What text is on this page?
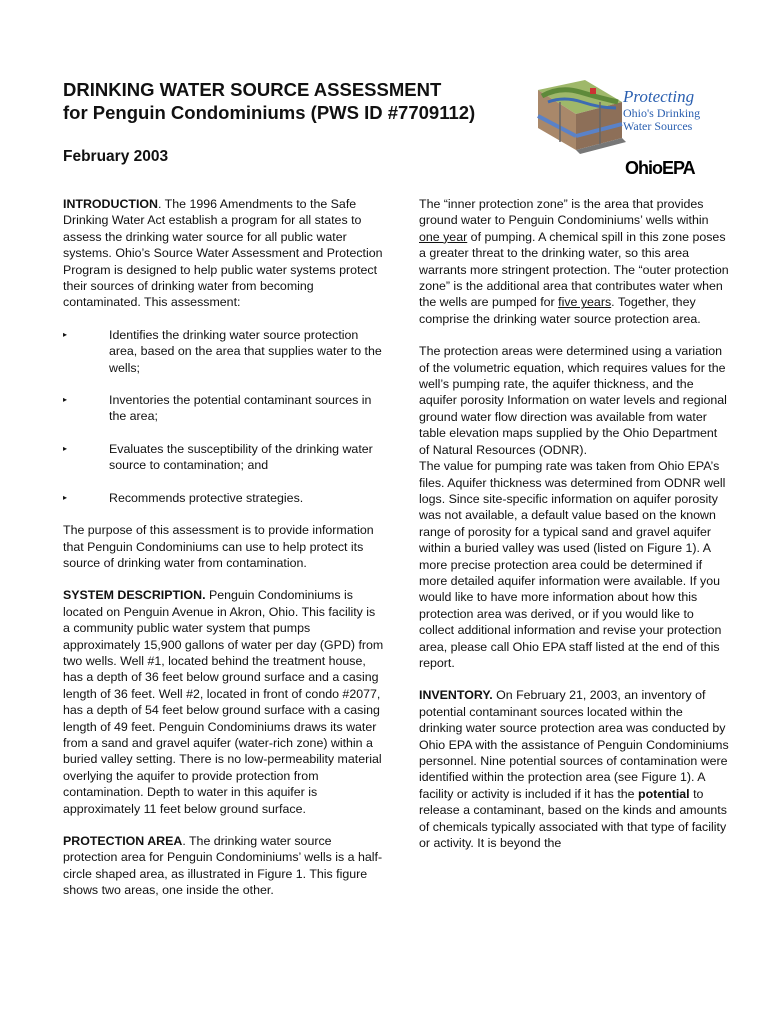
DRINKING WATER SOURCE ASSESSMENT
for Penguin Condominiums (PWS ID #7709112)
February 2003
Protecting
Ohio's Drinking
Water Sources
OhioEPA

INTRODUCTION. The 1996 Amendments to the Safe Drinking Water Act establish a program for all states to assess the drinking water source for all public water systems. Ohio’s Source Water Assessment and Protection Program is designed to help public water systems protect their sources of drinking water from becoming contaminated. This assessment:

▸	Identifies the drinking water source protection area, based on the area that supplies water to the wells;
▸	Inventories the potential contaminant sources in the area;
▸	Evaluates the susceptibility of the drinking water source to contamination; and
▸	Recommends protective strategies.

The purpose of this assessment is to provide information that Penguin Condominiums can use to help protect its source of drinking water from contamination.

SYSTEM DESCRIPTION. Penguin Condominiums is located on Penguin Avenue in Akron, Ohio. This facility is a community public water system that pumps approximately 15,900 gallons of water per day (GPD) from two wells. Well #1, located behind the treatment house, has a depth of 36 feet below ground surface and a casing length of 36 feet. Well #2, located in front of condo #2077, has a depth of 54 feet below ground surface with a casing length of 49 feet. Penguin Condominiums draws its water from a sand and gravel aquifer (water-rich zone) within a buried valley setting. There is no low-permeability material overlying the aquifer to provide protection from contamination. Depth to water in this aquifer is approximately 11 feet below ground surface.

PROTECTION AREA. The drinking water source protection area for Penguin Condominiums’ wells is a half-circle shaped area, as illustrated in Figure 1. This figure shows two areas, one inside the other.

The “inner protection zone” is the area that provides ground water to Penguin Condominiums’ wells within one year of pumping. A chemical spill in this zone poses a greater threat to the drinking water, so this area warrants more stringent protection. The “outer protection zone” is the additional area that contributes water when the wells are pumped for five years. Together, they comprise the drinking water source protection area.

The protection areas were determined using a variation of the volumetric equation, which requires values for the well’s pumping rate, the aquifer thickness, and the aquifer porosity Information on water levels and regional ground water flow direction was available from water table elevation maps supplied by the Ohio Department of Natural Resources (ODNR).
The value for pumping rate was taken from Ohio EPA’s files. Aquifer thickness was determined from ODNR well logs. Since site-specific information on aquifer porosity was not available, a default value based on the known range of porosity for a typical sand and gravel aquifer within a buried valley was used (listed on Figure 1). A more precise protection area could be determined if more detailed aquifer information were available. If you would like to have more information about how this protection area was derived, or if you would like to collect additional information and revise your protection area, please call Ohio EPA staff listed at the end of this report.

INVENTORY. On February 21, 2003, an inventory of potential contaminant sources located within the drinking water source protection area was conducted by Ohio EPA with the assistance of Penguin Condominiums personnel. Nine potential sources of contamination were identified within the protection area (see Figure 1). A facility or activity is included if it has the potential to release a contaminant, based on the kinds and amounts of chemicals typically associated with that type of facility or activity. It is beyond the
